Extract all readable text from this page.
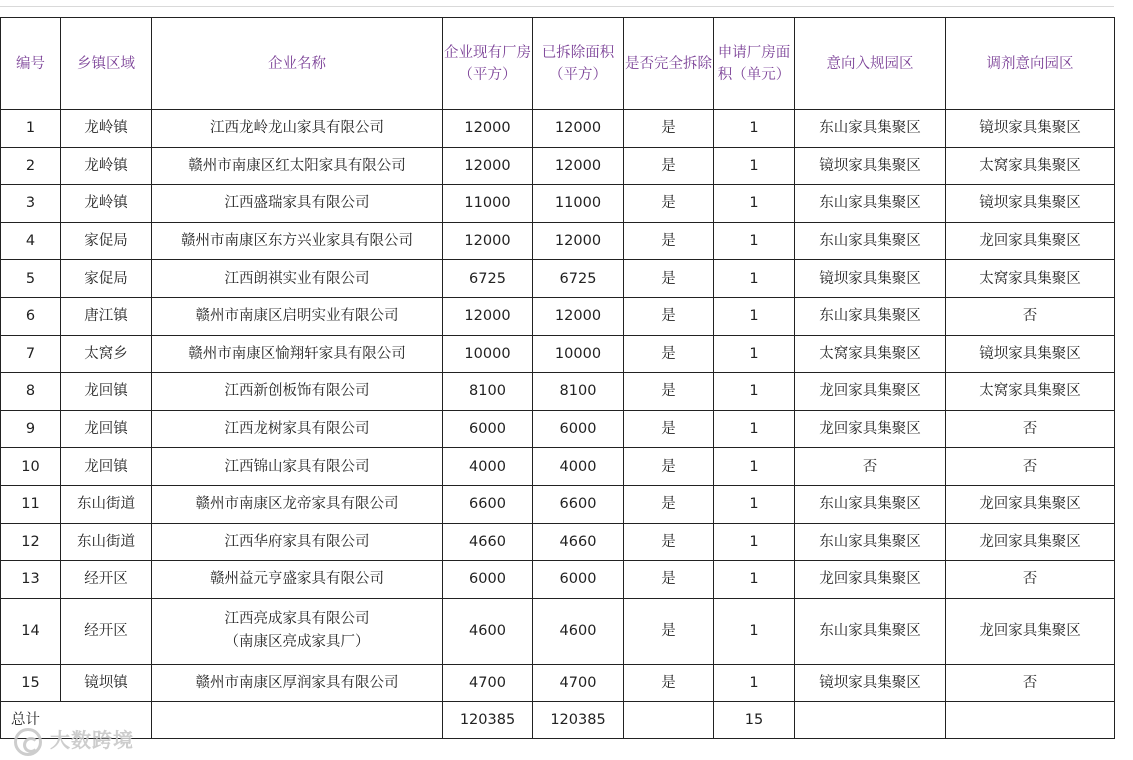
编号	乡镇区域	企业名称	企业现有厂房（平方）	已拆除面积（平方）	是否完全拆除	申请厂房面积（单元）	意向入规园区	调剂意向园区
1	龙岭镇	江西龙岭龙山家具有限公司	12000	12000	是	1	东山家具集聚区	镜坝家具集聚区
2	龙岭镇	赣州市南康区红太阳家具有限公司	12000	12000	是	1	镜坝家具集聚区	太窝家具集聚区
3	龙岭镇	江西盛瑞家具有限公司	11000	11000	是	1	东山家具集聚区	镜坝家具集聚区
4	家促局	赣州市南康区东方兴业家具有限公司	12000	12000	是	1	东山家具集聚区	龙回家具集聚区
5	家促局	江西朗祺实业有限公司	6725	6725	是	1	镜坝家具集聚区	太窝家具集聚区
6	唐江镇	赣州市南康区启明实业有限公司	12000	12000	是	1	东山家具集聚区	否
7	太窝乡	赣州市南康区愉翔轩家具有限公司	10000	10000	是	1	太窝家具集聚区	镜坝家具集聚区
8	龙回镇	江西新创板饰有限公司	8100	8100	是	1	龙回家具集聚区	太窝家具集聚区
9	龙回镇	江西龙树家具有限公司	6000	6000	是	1	龙回家具集聚区	否
10	龙回镇	江西锦山家具有限公司	4000	4000	是	1	否	否
11	东山街道	赣州市南康区龙帝家具有限公司	6600	6600	是	1	东山家具集聚区	龙回家具集聚区
12	东山街道	江西华府家具有限公司	4660	4660	是	1	东山家具集聚区	龙回家具集聚区
13	经开区	赣州益元亨盛家具有限公司	6000	6000	是	1	龙回家具集聚区	否
14	经开区	江西亮成家具有限公司
（南康区亮成家具厂）	4600	4600	是	1	东山家具集聚区	龙回家具集聚区
15	镜坝镇	赣州市南康区厚润家具有限公司	4700	4700	是	1	镜坝家具集聚区	否
总计			120385	120385		15		
大数跨境
